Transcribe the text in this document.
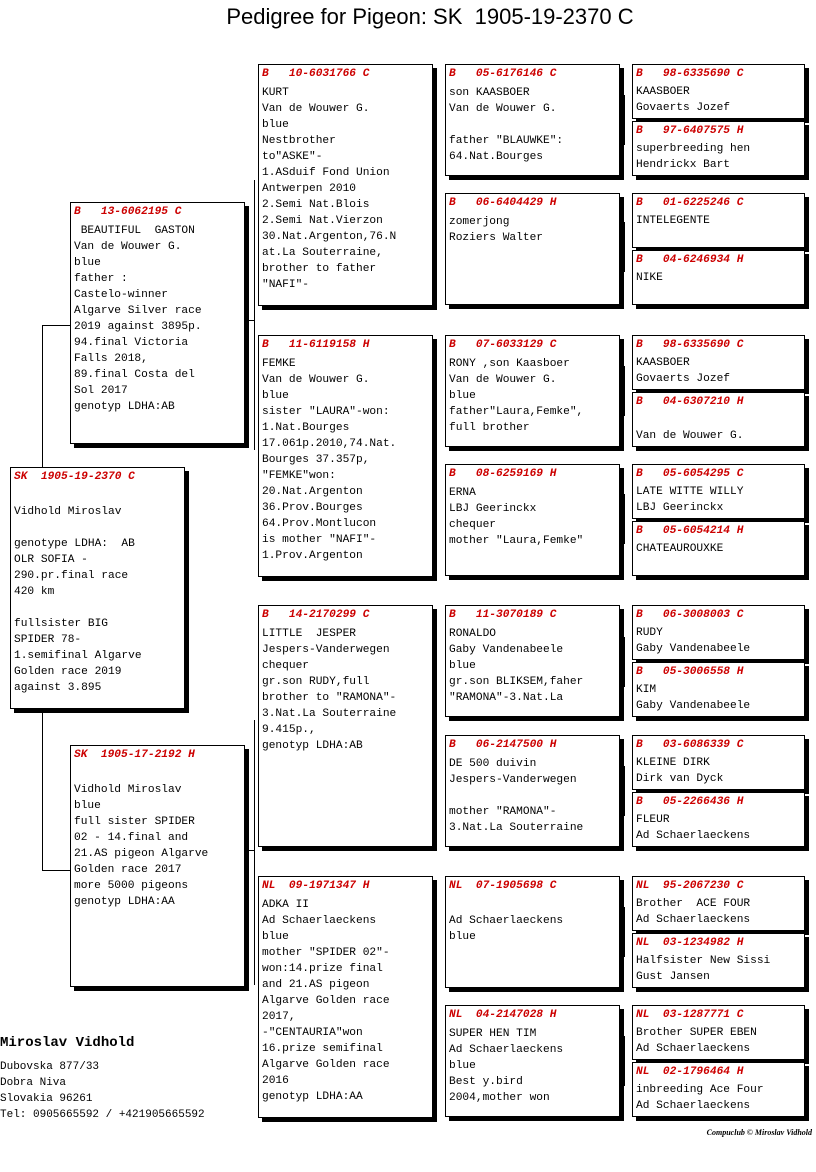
Pedigree for Pigeon: SK  1905-19-2370 C
SK  1905-19-2370 C

Vidhold Miroslav

genotype LDHA:  AB
OLR SOFIA -
290.pr.final race
420 km

fullsister BIG
SPIDER 78-
1.semifinal Algarve
Golden race 2019
against 3.895
B   13-6062195 C
BEAUTIFUL  GASTON
Van de Wouwer G.
blue
father :
Castelo-winner
Algarve Silver race
2019 against 3895p.
94.final Victoria
Falls 2018,
89.final Costa del
Sol 2017
genotyp LDHA:AB
SK  1905-17-2192 H

Vidhold Miroslav
blue
full sister SPIDER
02 - 14.final and
21.AS pigeon Algarve
Golden race 2017
more 5000 pigeons
genotyp LDHA:AA
B   10-6031766 C
KURT
Van de Wouwer G.
blue
Nestbrother
to"ASKE"-
1.ASduif Fond Union
Antwerpen 2010
2.Semi Nat.Blois
2.Semi Nat.Vierzon
30.Nat.Argenton,76.N
at.La Souterraine,
brother to father
"NAFI"-
B   11-6119158 H
FEMKE
Van de Wouwer G.
blue
sister "LAURA"-won:
1.Nat.Bourges
17.061p.2010,74.Nat.
Bourges 37.357p,
"FEMKE"won:
20.Nat.Argenton
36.Prov.Bourges
64.Prov.Montlucon
is mother "NAFI"-
1.Prov.Argenton
B   14-2170299 C
LITTLE  JESPER
Jespers-Vanderwegen
chequer
gr.son RUDY,full
brother to "RAMONA"-
3.Nat.La Souterraine
9.415p.,
genotyp LDHA:AB
NL  09-1971347 H
ADKA II
Ad Schaerlaeckens
blue
mother "SPIDER 02"-
won:14.prize final
and 21.AS pigeon
Algarve Golden race
2017,
-"CENTAURIA"won
16.prize semifinal
Algarve Golden race
2016
genotyp LDHA:AA
B   05-6176146 C
son KAASBOER
Van de Wouwer G.

father "BLAUWKE":
64.Nat.Bourges
B   06-6404429 H
zomerjong
Roziers Walter
B   07-6033129 C
RONY ,son Kaasboer
Van de Wouwer G.
blue
father"Laura,Femke",
full brother
B   08-6259169 H
ERNA
LBJ Geerinckx
chequer
mother "Laura,Femke"
B   11-3070189 C
RONALDO
Gaby Vandenabeele
blue
gr.son BLIKSEM,faher
"RAMONA"-3.Nat.La
B   06-2147500 H
DE 500 duivin
Jespers-Vanderwegen

mother "RAMONA"-
3.Nat.La Souterraine
NL  07-1905698 C

Ad Schaerlaeckens
blue
NL  04-2147028 H
SUPER HEN TIM
Ad Schaerlaeckens
blue
Best y.bird
2004,mother won
B   98-6335690 C
KAASBOER
Govaerts Jozef
B   97-6407575 H
superbreeding hen
Hendrickx Bart
B   01-6225246 C
INTELEGENTE
B   04-6246934 H
NIKE
B   98-6335690 C
KAASBOER
Govaerts Jozef
B   04-6307210 H

Van de Wouwer G.
B   05-6054295 C
LATE WITTE WILLY
LBJ Geerinckx
B   05-6054214 H
CHATEAUROUXKE
B   06-3008003 C
RUDY
Gaby Vandenabeele
B   05-3006558 H
KIM
Gaby Vandenabeele
B   03-6086339 C
KLEINE DIRK
Dirk van Dyck
B   05-2266436 H
FLEUR
Ad Schaerlaeckens
NL  95-2067230 C
Brother  ACE FOUR
Ad Schaerlaeckens
NL  03-1234982 H
Halfsister New Sissi
Gust Jansen
NL  03-1287771 C
Brother SUPER EBEN
Ad Schaerlaeckens
NL  02-1796464 H
inbreeding Ace Four
Ad Schaerlaeckens
Miroslav Vidhold
Dubovska 877/33
Dobra Niva
Slovakia 96261
Tel: 0905665592 / +421905665592
Compuclub © Miroslav Vidhold
